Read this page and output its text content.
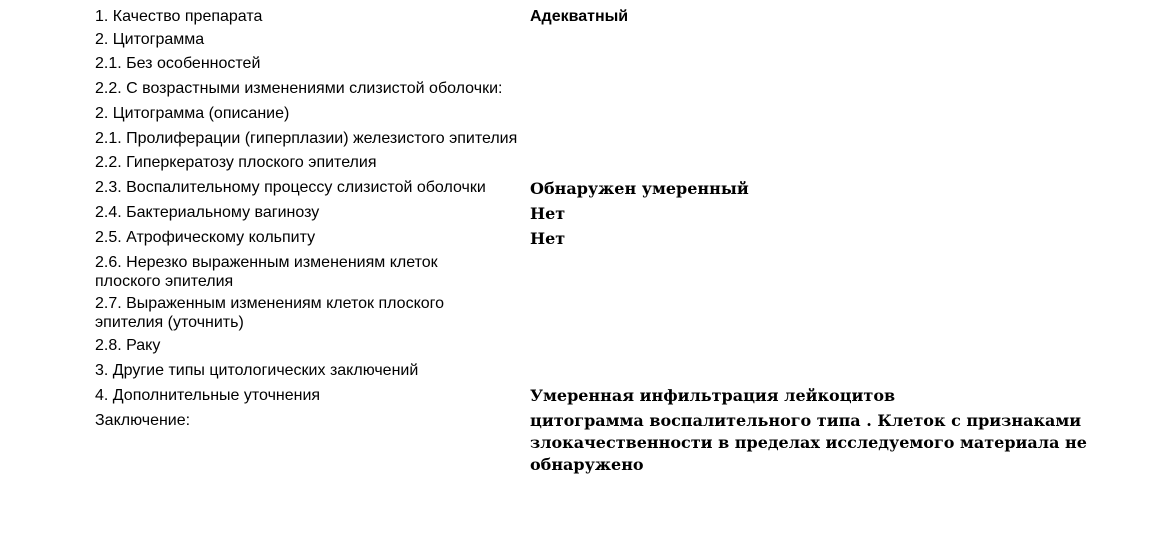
1. Качество препарата	Адекватный
2. Цитограмма
2.1. Без особенностей
2.2. С возрастными изменениями слизистой оболочки:
2. Цитограмма (описание)
2.1. Пролиферации (гиперплазии) железистого эпителия
2.2. Гиперкератозу плоского эпителия
2.3. Воспалительному процессу слизистой оболочки	Обнаружен умеренный
2.4. Бактериальному вагинозу	Нет
2.5. Атрофическому кольпиту	Нет
2.6. Нерезко выраженным изменениям клеток плоского эпителия
2.7. Выраженным изменениям клеток плоского эпителия (уточнить)
2.8. Раку
3. Другие типы цитологических заключений
4. Дополнительные уточнения	Умеренная инфильтрация лейкоцитов
Заключение:	цитограмма воспалительного типа . Клеток с признаками злокачественности в пределах исследуемого материала не обнаружено
